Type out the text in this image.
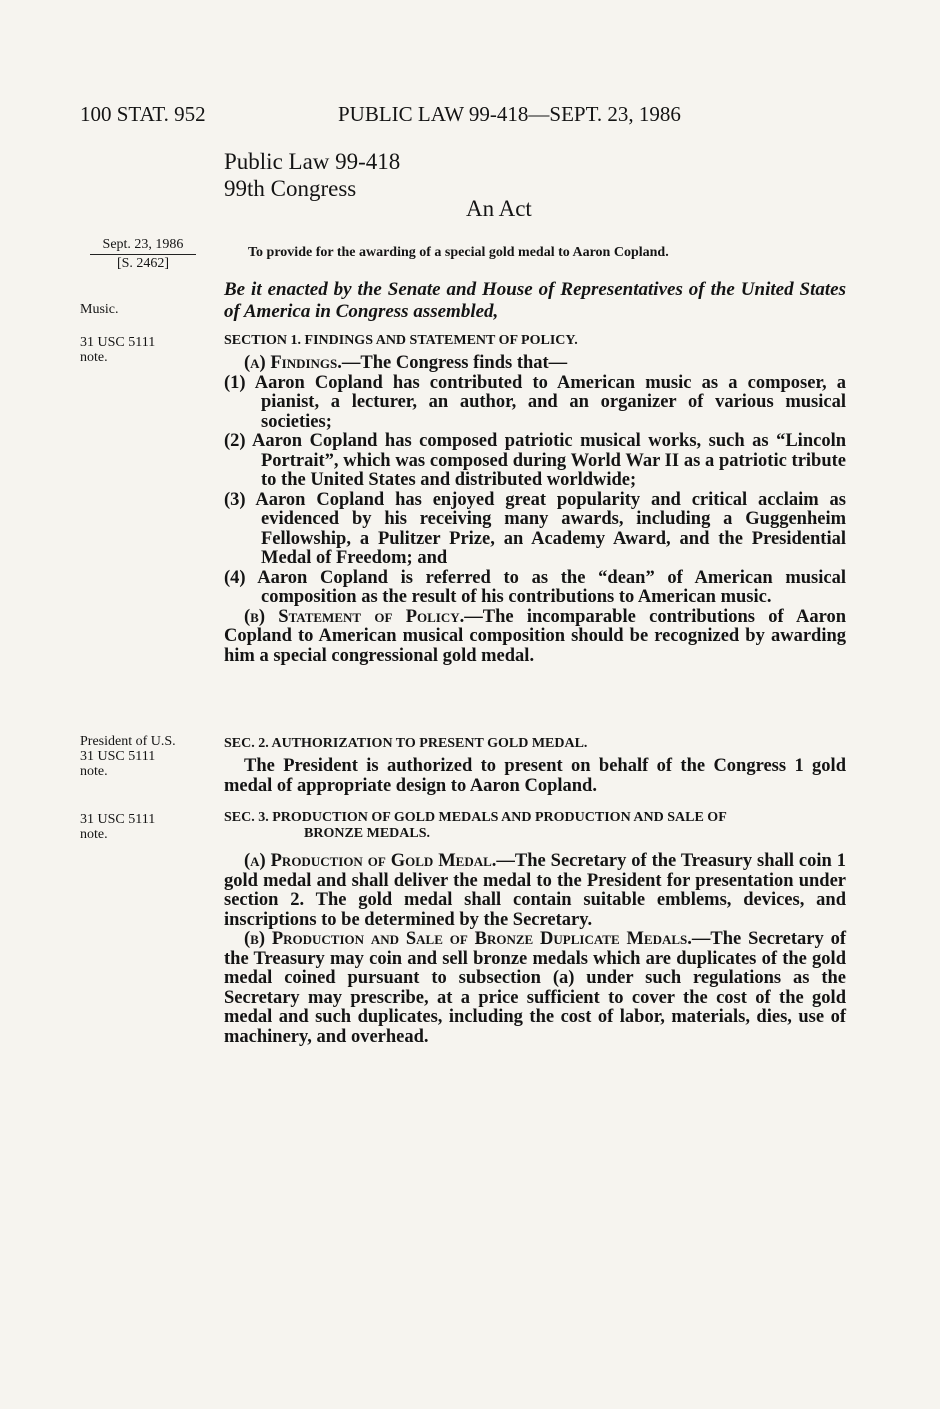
100 STAT. 952	PUBLIC LAW 99-418—SEPT. 23, 1986

Public Law 99-418
99th Congress
An Act
Sept. 23, 1986
[S. 2462]
Music.
31 USC 5111
note.
President of U.S.
31 USC 5111
note.
31 USC 5111
note.
To provide for the awarding of a special gold medal to Aaron Copland.
Be it enacted by the Senate and House of Representatives of the United States of America in Congress assembled,
SECTION 1. FINDINGS AND STATEMENT OF POLICY.
(a) Findings.—The Congress finds that—
(1) Aaron Copland has contributed to American music as a composer, a pianist, a lecturer, an author, and an organizer of various musical societies;
(2) Aaron Copland has composed patriotic musical works, such as “Lincoln Portrait”, which was composed during World War II as a patriotic tribute to the United States and distributed worldwide;
(3) Aaron Copland has enjoyed great popularity and critical acclaim as evidenced by his receiving many awards, including a Guggenheim Fellowship, a Pulitzer Prize, an Academy Award, and the Presidential Medal of Freedom; and
(4) Aaron Copland is referred to as the “dean” of American musical composition as the result of his contributions to American music.
(b) Statement of Policy.—The incomparable contributions of Aaron Copland to American musical composition should be recognized by awarding him a special congressional gold medal.
SEC. 2. AUTHORIZATION TO PRESENT GOLD MEDAL.
The President is authorized to present on behalf of the Congress 1 gold medal of appropriate design to Aaron Copland.
SEC. 3. PRODUCTION OF GOLD MEDALS AND PRODUCTION AND SALE OF
BRONZE MEDALS.
(a) Production of Gold Medal.—The Secretary of the Treasury shall coin 1 gold medal and shall deliver the medal to the President for presentation under section 2. The gold medal shall contain suitable emblems, devices, and inscriptions to be determined by the Secretary.
(b) Production and Sale of Bronze Duplicate Medals.—The Secretary of the Treasury may coin and sell bronze medals which are duplicates of the gold medal coined pursuant to subsection (a) under such regulations as the Secretary may prescribe, at a price sufficient to cover the cost of the gold medal and such duplicates, including the cost of labor, materials, dies, use of machinery, and overhead.
